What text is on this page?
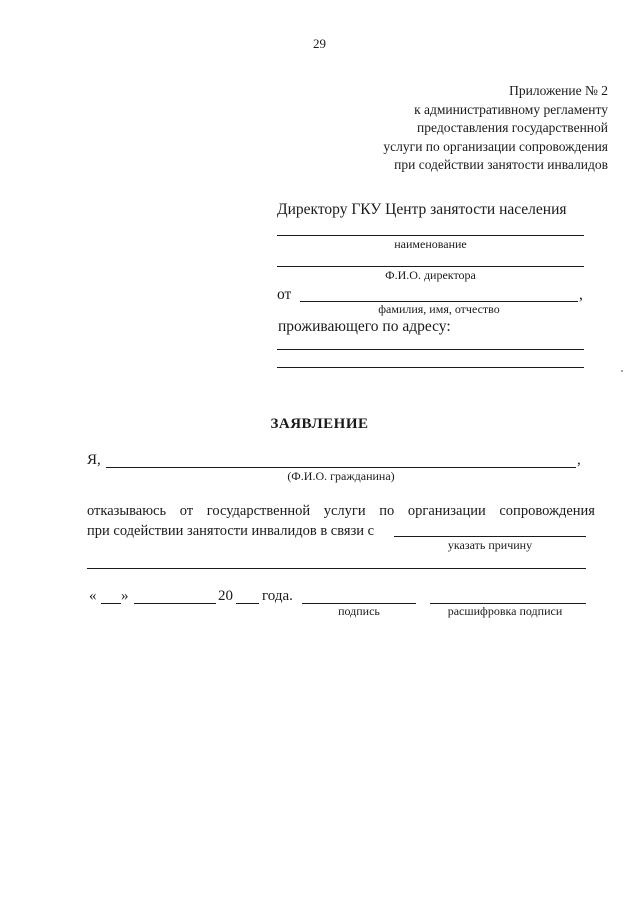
29
Приложение № 2
к административному регламенту
предоставления государственной
услуги по организации сопровождения
при содействии занятости инвалидов
Директору ГКУ Центр занятости населения
наименование
Ф.И.О. директора
от	,
фамилия, имя, отчество
проживающего по адресу:
ЗАЯВЛЕНИЕ
Я,	,
(Ф.И.О. гражданина)
отказываюсь от государственной услуги по организации сопровождения
при содействии занятости инвалидов в связи с
указать причину
« »	20 года.
подпись	расшифровка подписи
